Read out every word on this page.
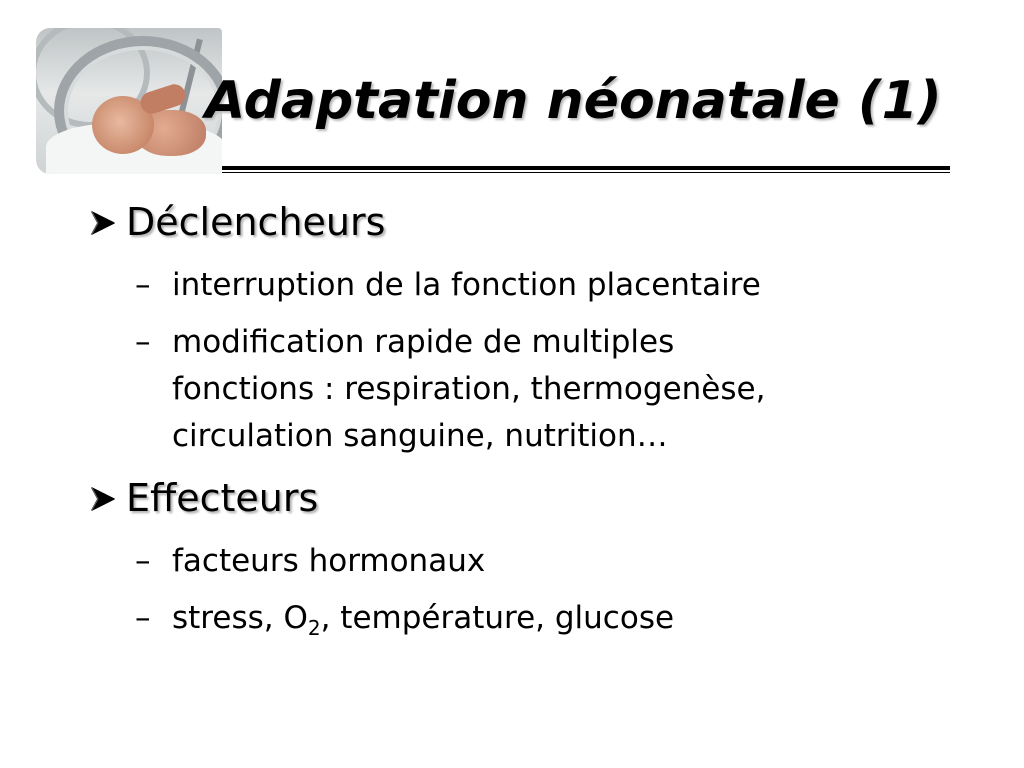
Adaptation néonatale (1)
Déclencheurs
– interruption de la fonction placentaire
– modification rapide de multiples
fonctions : respiration, thermogenèse,
circulation sanguine, nutrition…
Effecteurs
– facteurs hormonaux
– stress, $O_2$, température, glucose
